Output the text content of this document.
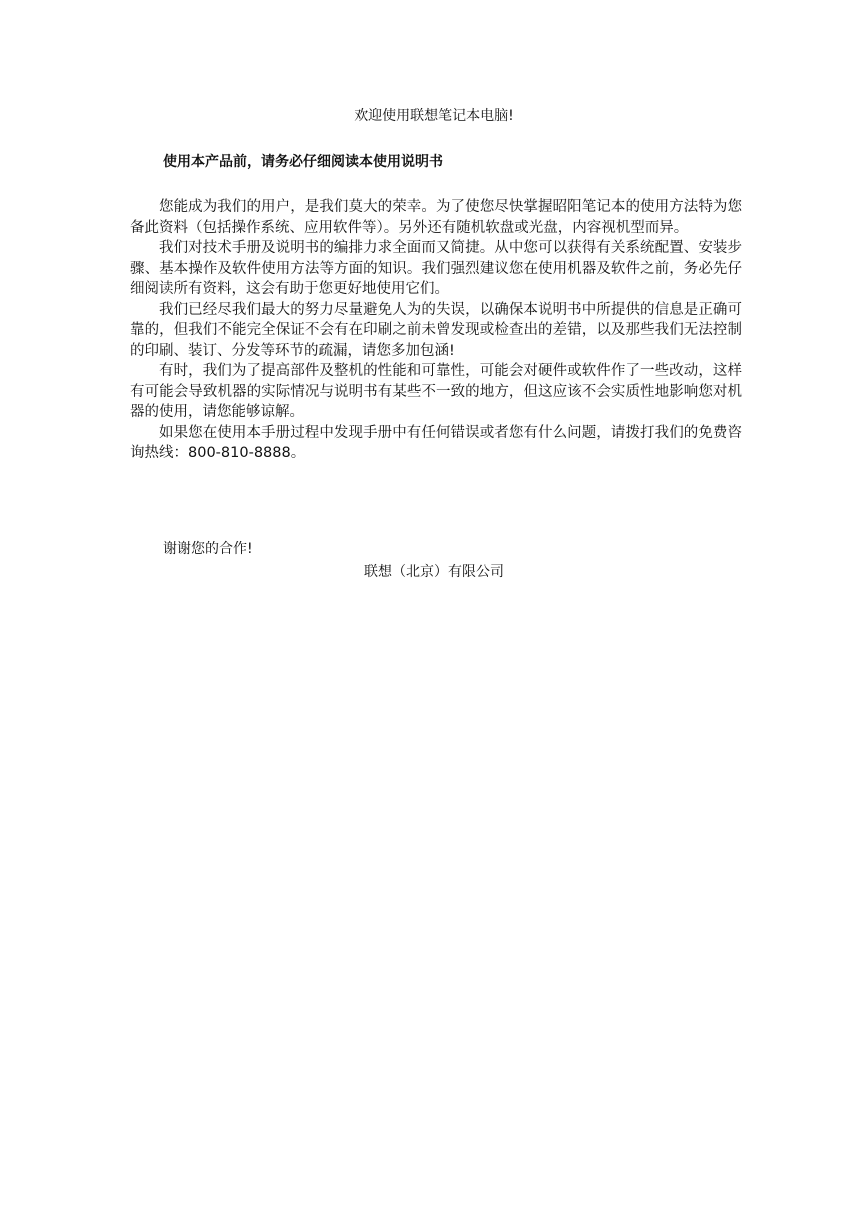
欢迎使用联想笔记本电脑!
使用本产品前，请务必仔细阅读本使用说明书

您能成为我们的用户，是我们莫大的荣幸。为了使您尽快掌握昭阳笔记本的使用方法特为您备此资料（包括操作系统、应用软件等）。另外还有随机软盘或光盘，内容视机型而异。

我们对技术手册及说明书的编排力求全面而又简捷。从中您可以获得有关系统配置、安装步骤、基本操作及软件使用方法等方面的知识。我们强烈建议您在使用机器及软件之前，务必先仔细阅读所有资料，这会有助于您更好地使用它们。

我们已经尽我们最大的努力尽量避免人为的失误，以确保本说明书中所提供的信息是正确可靠的，但我们不能完全保证不会有在印刷之前未曾发现或检查出的差错，以及那些我们无法控制的印刷、装订、分发等环节的疏漏，请您多加包涵!

有时，我们为了提高部件及整机的性能和可靠性，可能会对硬件或软件作了一些改动，这样有可能会导致机器的实际情况与说明书有某些不一致的地方，但这应该不会实质性地影响您对机器的使用，请您能够谅解。

如果您在使用本手册过程中发现手册中有任何错误或者您有什么问题，请拨打我们的免费咨询热线：800-810-8888。

谢谢您的合作!
联想（北京）有限公司
